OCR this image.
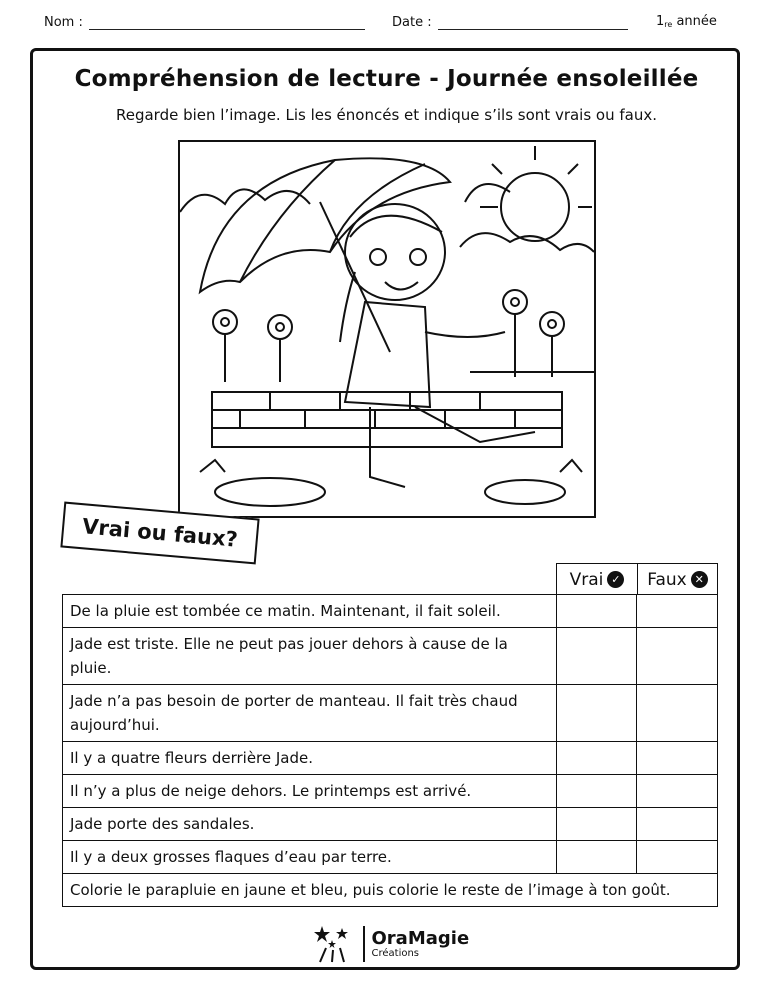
Nom :	Date :	$1_{re}$
année
Compréhension de lecture - Journée ensoleillée
Regarde bien l’image. Lis les énoncés et indique s’ils sont vrais ou faux.
Vrai ou faux?
Vrai ✓ Faux ✕
De la pluie est tombée ce matin. Maintenant, il fait soleil.		
Jade est triste. Elle ne peut pas jouer dehors à cause de la pluie.		
Jade n’a pas besoin de porter de manteau. Il fait très chaud aujourd’hui.		
Il y a quatre fleurs derrière Jade.		
Il n’y a plus de neige dehors. Le printemps est arrivé.		
Jade porte des sandales.		
Il y a deux grosses flaques d’eau par terre.		
Colorie le parapluie en jaune et bleu, puis colorie le reste de l’image à ton goût.		
OraMagie
Créations
